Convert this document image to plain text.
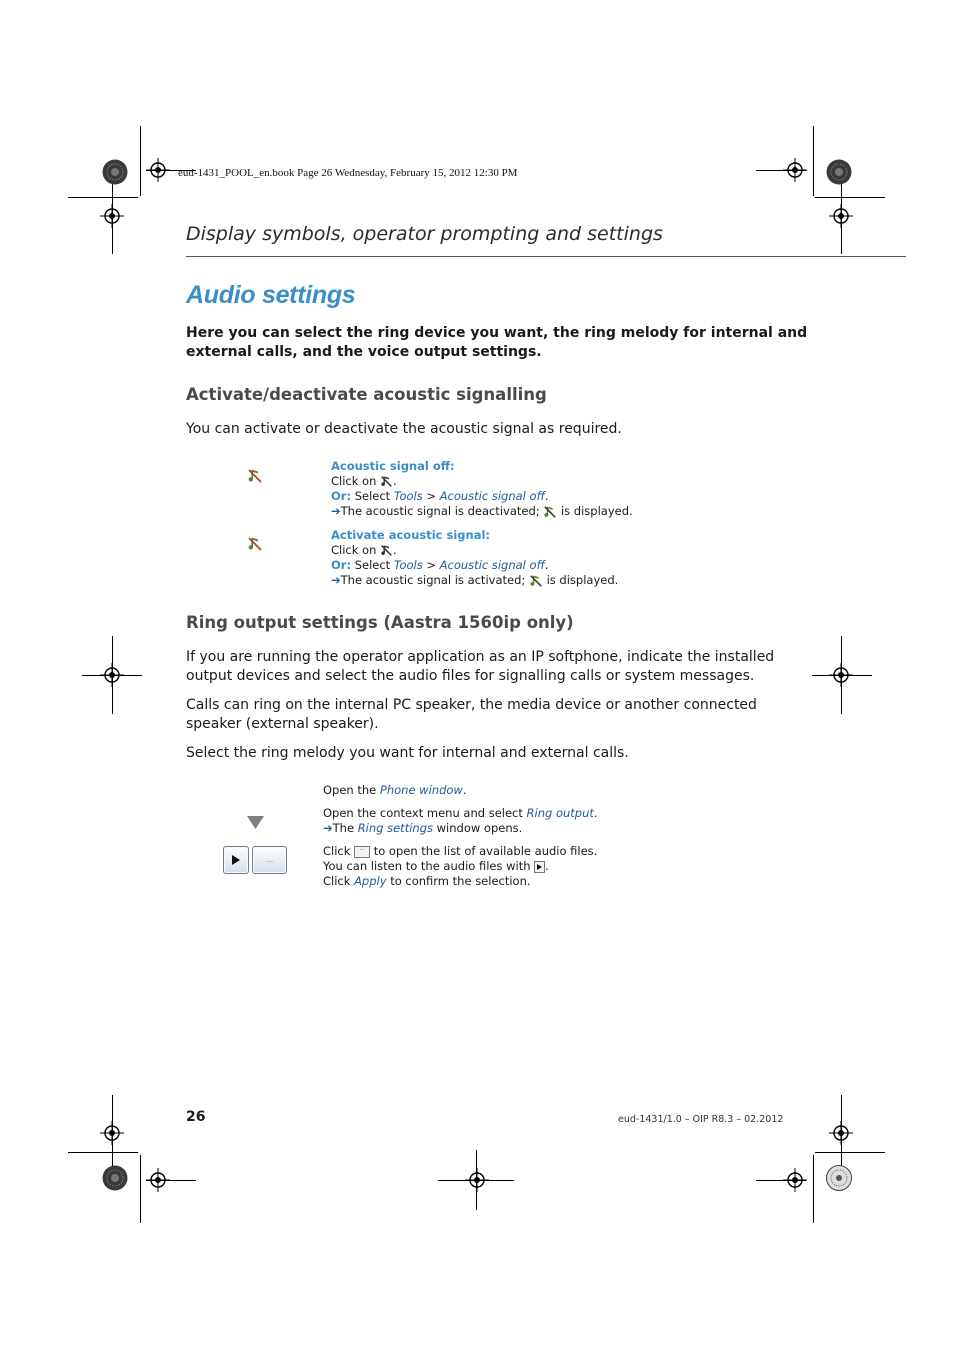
eud-1431_POOL_en.book Page 26 Wednesday, February 15, 2012 12:30 PM
Display symbols, operator prompting and settings
Audio settings
Here you can select the ring device you want, the ring melody for internal and
external calls, and the voice output settings.
Activate/deactivate acoustic signalling
You can activate or deactivate the acoustic signal as required.
Acoustic signal off:
Click on .
Or: Select Tools > Acoustic signal off.
➔The acoustic signal is deactivated; is displayed.
Activate acoustic signal:
Click on .
Or: Select Tools > Acoustic signal off.
➔The acoustic signal is activated; is displayed.
Ring output settings (Aastra 1560ip only)
If you are running the operator application as an IP softphone, indicate the installed
output devices and select the audio files for signalling calls or system messages.
Calls can ring on the internal PC speaker, the media device or another connected
speaker (external speaker).
Select the ring melody you want for internal and external calls.
Open the Phone window.
Open the context menu and select Ring output.
➔The Ring settings window opens.
...
Click ··· to open the list of available audio files.
You can listen to the audio files with .
Click Apply to confirm the selection.
26	eud-1431/1.0 – OIP R8.3 – 02.2012
